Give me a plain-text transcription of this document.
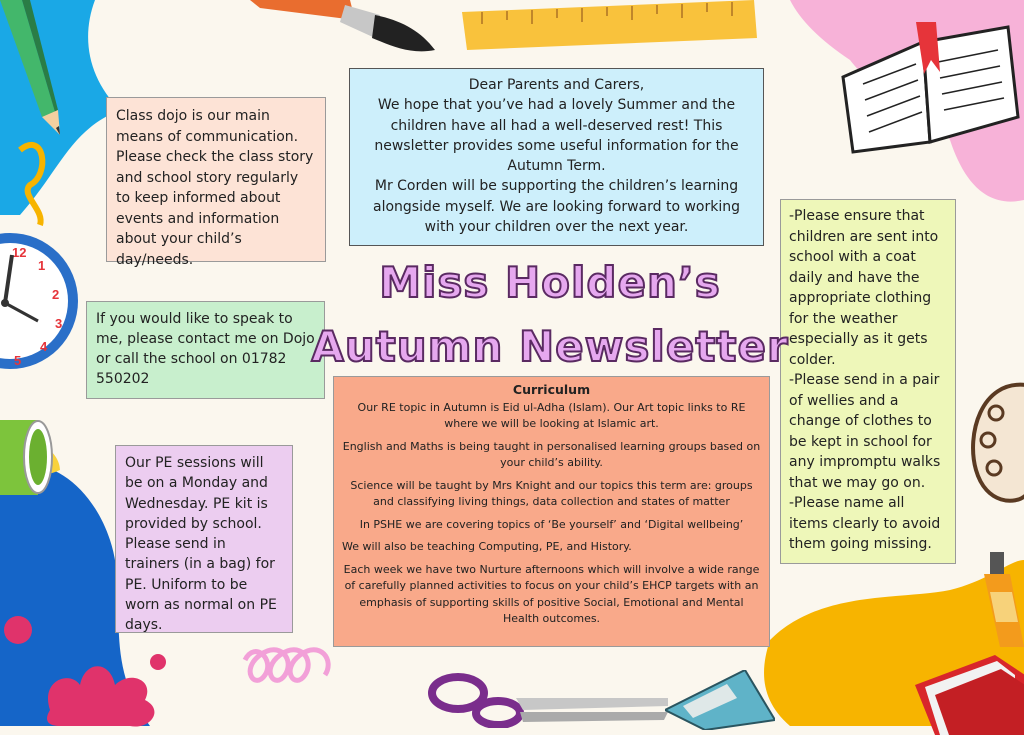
12
1
2
3
4
5

Dear Parents and Carers,

We hope that you’ve had a lovely Summer and the children have all had a well-deserved rest! This newsletter provides some useful information for the Autumn Term.

Mr Corden will be supporting the children’s learning alongside myself. We are looking forward to working with your children over the next year.

Class dojo is our main means of communication. Please check the class story and school story regularly to keep informed about events and information about your child’s day/needs.

If you would like to speak to me, please contact me on Dojo or call the school on 01782 550202

Our PE sessions will be on a Monday and Wednesday. PE kit is provided by school. Please send in trainers (in a bag) for PE. Uniform to be worn as normal on PE days.

-Please ensure that children are sent into school with a coat daily and have the appropriate clothing for the weather especially as it gets colder.

-Please send in a pair of wellies and a change of clothes to be kept in school for any impromptu walks that we may go on.

-Please name all items clearly to avoid them going missing.

Miss Holden’s
Autumn Newsletter
Curriculum

Our RE topic in Autumn is Eid ul-Adha (Islam). Our Art topic links to RE where we will be looking at Islamic art.

English and Maths is being taught in personalised learning groups based on your child’s ability.

Science will be taught by Mrs Knight and our topics this term are: groups and classifying living things, data collection and states of matter

In PSHE we are covering topics of ‘Be yourself’ and ‘Digital wellbeing’

We will also be teaching Computing, PE, and History.

Each week we have two Nurture afternoons which will involve a wide range of carefully planned activities to focus on your child’s EHCP targets with an emphasis of supporting skills of positive Social, Emotional and Mental Health outcomes.
